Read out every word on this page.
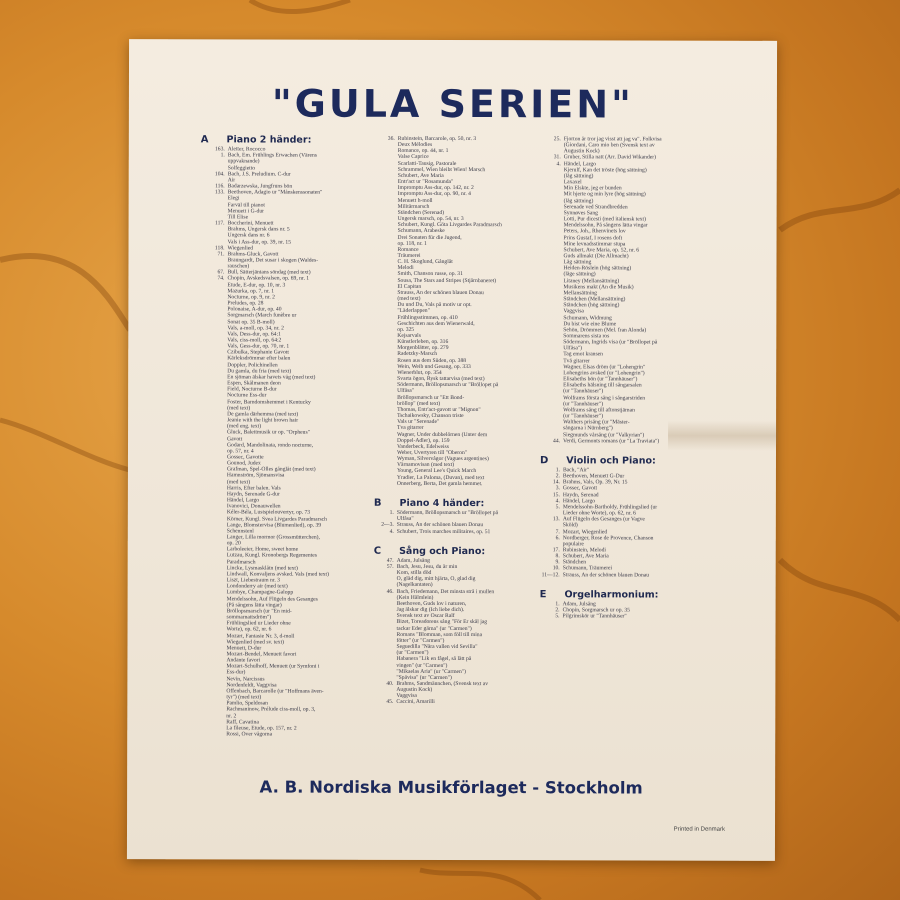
"GULA SERIEN"
A Piano 2 händer:
163. Aletter, Rococco
1. Bach, Em. Frühlings Erwachen (Värens
uppvaknande)
Solfeggietto
104. Bach, J.S. Preludium. C-dur
Air
116. Badarzewska, Jungfruns bön
133. Beethoven, Adagio ur "Månskenssonaten"
Elegi
Farväl till pianot
Menuett i G-dur
Till Elise
117. Boccherini, Menuett
Brahms, Ungersk dans nr. 5
Ungersk dans nr. 6
Vals i Ass-dur, op. 39, nr. 15
118. Wiegenlied
71. Brahms-Gluck, Gavott
Braungardt, Det susar i skogen (Waldes-
rauschen)
67. Bull, Sätterjäntans söndag (med text)
74. Chopin, Avskedsvalsen, op. 69, nr. 1
Etude, E-dur, op. 10, nr. 3
Mazurka, op. 7, nr. 1
Nocturne, op. 9, nr. 2
Preludes, op. 28
Polonaise, A-dur, op. 40
Sorgmarsch (March funèbre ur
Sonat op. 35 B-moll)
Vals, a-moll, op. 34, nr. 2
Vals, Dess-dur, op. 64:1
Vals, ciss-moll, op. 64:2
Vals, Gess-dur, op. 70, nr. 1
Czibulka, Stephanie Gavott
Kärleksdrömmar efter balen
Doppler, Polichinellen
Du gamla, du fria (med text)
En sjöman älskar havets våg (med text)
Espen, Skålmanen deon
Field, Nocturne B-dur
Nocturne Ess-dur
Foster, Barndomshemmet i Kentucky
(med text)
De gamla därhemma (med text)
Jeanie with the light brown hair
(med eng. text)
Gluck, Balettmusik ur op. "Orpheus"
Gavott
Godard, Mandolinata, rondo nocturne,
op. 57, nr. 4
Gossec, Gavotte
Gounod, Judex
Grafman, Spel-Olles gånglåt (med text)
Hamnström, Sjömansvisa
(med text)
Harris, Efter balen. Vals
Haydn, Serenade G-dur
Händel, Largo
Ivanovici, Donauwellen
Kéler-Béla, Lustspielouvertyr, op. 73
Körner, Kungl. Svea Livgardes Paradmarsch
Lange, Blomstervisa (Blumenlied), op. 39
Schennstenl
Langer, Lilla mormor (Grossmütterchen),
op. 20
Larboleeier, Home, sweet home
Lutzau, Kungl. Kronobergs Regementes
Paradmarsch
Lincke, Lysmasklåtn (med text)
Lindwall, Konvaljens avsked. Vals (med text)
Liszt, Liebestraum nr. 3
Londonderry air (med text)
Lumbye, Champagne-Galopp
Mendelssohn, Auf Flügeln des Gesanges
(På sångens lätta vingar)
Bröllopsmarsch (ur "En mid-
sommarnattsdröm")
Frühlingslied ur Lieder ohne
Worte), op. 62, nr. 6
Mozart, Fantasie Nr. 3, d-moll
Wiegenlied (med sv. text)
Menuett, D-dur
Mozart-Bendel, Menuett favori
Andante favori
Mozart-Schulhoff, Menuett (ur Symfoni i
Ess-dur)
Nevin, Narcissus
Nordenfeldt, Vaggvisa
Offenbach, Barcarolle (ur "Hoffmans även-
tyr") (med text)
Pamlio, Speldosan
Rachmaninow, Prélude ciss-moll, op. 3,
nr. 2
Raff, Cavatina
La fileuse, Etude, op. 157, nr. 2
Rossi, Över vågorna
36. Rubinstein, Barcarole, op. 50, nr. 3
Deux Mélodies
Romance, op. 44, nr. 1
Valse Caprice
Scarlatti-Tausig, Pastorale
Schrammel, Wien bleibt Wien! Marsch
Schubert, Ave Maria
Entr'act ur "Rosamunda"
Impromptu Ass-dur, op. 142, nr. 2
Impromptu Ass-dur, op. 90, nr. 4
Menuett h-moll
Militärmarsch
Ständchen (Serenad)
Ungersk marsch, op. 54, nr. 3
Schubert, Kungl. Göta Livgardes Paradmarsch
Schumann, Arabeske
Drei Sonaten für die Jugend,
op. 118, nr. 1
Romance
Träumerei
C. H. Skoglund, Gånglåt
Melodi
Smith, Chanson russe, op. 31
Sousa, The Stars and Stripes (Stjärnbaneret)
El Capitan
Strauss, An der schönen blauen Donau
(med text)
Du und Du, Vals på motiv ur opt.
"Läderlappen"
Frühlingsstimmen, op. 410
Geschichten aus dem Wienerwald,
op. 325
Kejsarvals
Künstlerleben, op. 316
Morgenblätter, op. 279
Radetzky-Marsch
Rosen aus dem Süden, op. 388
Wein, Weib und Gesang, op. 333
Wienerblut, op. 354
Svarta ögon, Rysk tattarvisa (med text)
Södermann, Bröllopsmarsch ur "Bröllopet på
Ulfåsa"
Bröllopsmarsch ur "Ett Bond-
bröllop" (med text)
Thomas, Entr'act-gavott ur "Mignon"
Tschaikowsky, Chanson triste
Vals ur "Serenade"
Tva gitarrer
Wagner, Under dubbelörnen (Unter dem
Doppel-Adler), op. 159
Vanderbeck, Edelweiss
Weber, Uvertyren till "Oberon"
Wyman, Silvervågor (Vagues argentines)
Värnamovisan (med text)
Young, General Lee's Quick March
Yradier, La Paloma, (Duvan), med text
Onnerberg, Berta, Det gamla hemmet.
B Piano 4 händer:
1. Södermann, Bröllopsmarsch ur "Bröllopet på
Ulfåsa"
2—3. Strauss, An der schönen blauen Donau
4. Schubert, Trois marches militaires, op. 51
C Sång och Piano:
47. Adam, Julsång
57. Bach, Jesu, Jesu, du är min
Kom, stilla död
O, gläd dig, mitt hjärta, O, glad dig
(Nagelkantaten)
46. Bach, Friedemann, Det minsta strå i mullen
(Kein Hälmlein)
Beethoven, Guds lov i naturen,
Jag älskar dig (Ich liebe dich).
Svensk text av Oscar Ralf
Bizet, Toreadorens sång "För Er skål jag
tackar Eder gärna" (ur "Carmen")
Romans "Blomman, som föll till mina
fötter" (ur "Carmen")
Seguedilla "Nära vallen vid Sevilla"
(ur "Carmen")
Habanera "Lik en fågel, så lätt på
vingen" (ur "Carmen")
"Mikaelas Aria" (ur "Carmen")
"Spåvisa" (ur "Carmen")
40. Brahms, Sandmännchen, (Svensk text av
Augustin Kock)
Vaggvisa
45. Caccini, Amarilli
25. Fjorton år tror jag visst att jag va". Folkvisa
(Giordani, Caro mio ben (Svensk text av
Augustin Kock)
31. Gruber, Stilla natt (Arr. David Wikander)
4. Händel, Largo
Kjerulf, Kan det tröste (hög sättning)
(låg sättning)
Laxaxel
Min Elskte, jeg er bunden
Mit hjerte og min lyre (hög sättning)
(låg sättning)
Serenade ved Strandbredden
Synnøves Sang
Lotti, Pur dicesti (med italiensk text)
Mendelssohn, På sångens lätta vingar
Peters, Joh., Rhenvinets lov
Prins Gustaf, I rosens doft
Mine levnadsstimmar stupa
Schubert, Ave Maria, op. 52, nr. 6
Guds allmakt (Die Allmacht)
Låg sättning
Heiden-Röslein (hög sättning)
(låge sättning)
Litaney (Mellansättning)
Musikens makt (An die Musik)
Mellansättning
Ständchen (Mellansättning)
Ständchen (hög sättning)
Vaggvisa
Schumann, Widmung
Du bist wie eine Blume
Sehön, Drömmen (Mel. fran Alonda)
Sommarens sista ros
Södermann, Ingrids visa (ur "Bröllopet på
Ulfåsa")
Tag emot kransen
Två gitarrer
Wagner, Elsas dröm (ur "Lohengrin"
Lohengrins avsked (ur "Lohengrin")
Elisabeths bön (ur "Tannhäuser")
Elisabeths hälsning till sångarsalen
(ur "Tannhäuser")
Wolframs första sång i sångarstriden
(ur "Tannhäuser")
Wolframs sång till aftonstjärnan
(ur "Tannhäuser")
Walthers prisång (ur "Mäster-
sångarna i Nürnberg")
Siegmunds vårsång (ur "Valkyrian")
44. Verdi, Germonts romans (ur "La Traviata")
D Violin och Piano:
1. Bach, "Air"
2. Beethoven, Menuett G-Dur
14. Brahms, Vals, Op. 39, Nr. 15
3. Gossec, Gavott
15. Haydn, Serenad
4. Händel, Largo
5. Mendelssohn-Bartholdy, Frühlingslied (ur
Lieder ohne Worte), op. 62, nr. 6
13. Auf Flügeln des Gesanges (ur Vagve
Sköld)
7. Mozart, Wiegenlied
6. Nordberger, Rose de Provence, Chanson
populaire
17. Rubinstein, Melodi
8. Schubert, Ave Maria
9. Ständchen
10. Schumann, Träumerei
11—12. Strauss, An der schönen blauen Donau
E Orgelharmonium:
1. Adam, Julsång
2. Chopin, Sorgmarsch ur op. 35
5. Pilgrimskör ur "Tannhäuser"
A. B. Nordiska Musikförlaget - Stockholm
Printed in Denmark
